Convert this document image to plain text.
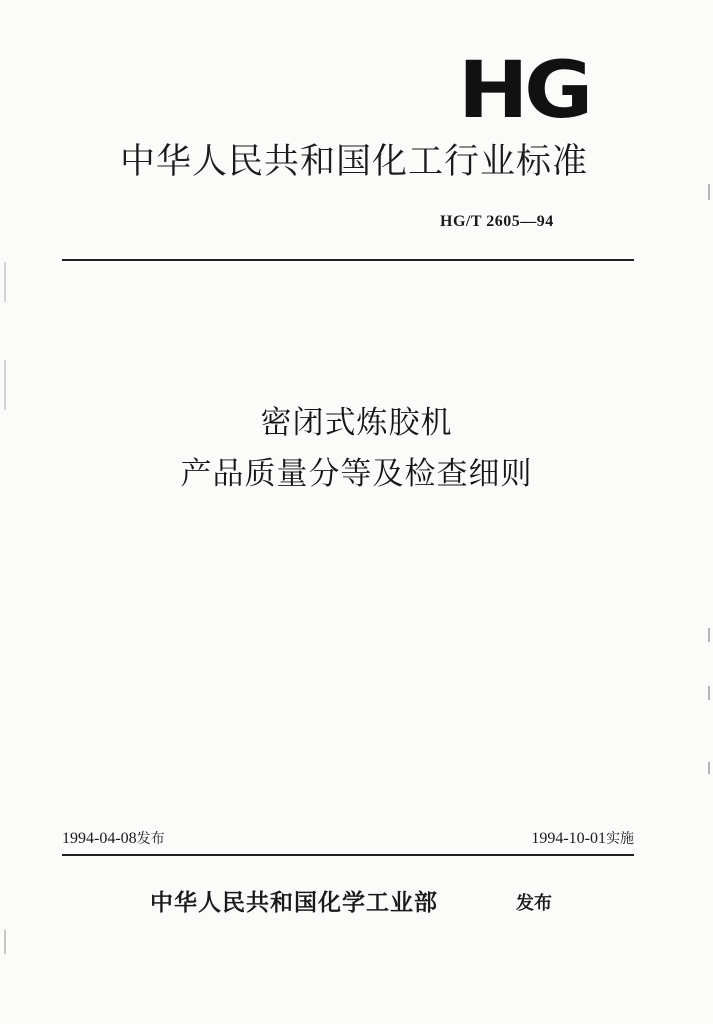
HG
中华人民共和国化工行业标准
HG/T 2605—94
密闭式炼胶机
产品质量分等及检查细则
1994-04-08发布	1994-10-01实施
中华人民共和国化学工业部	发布
